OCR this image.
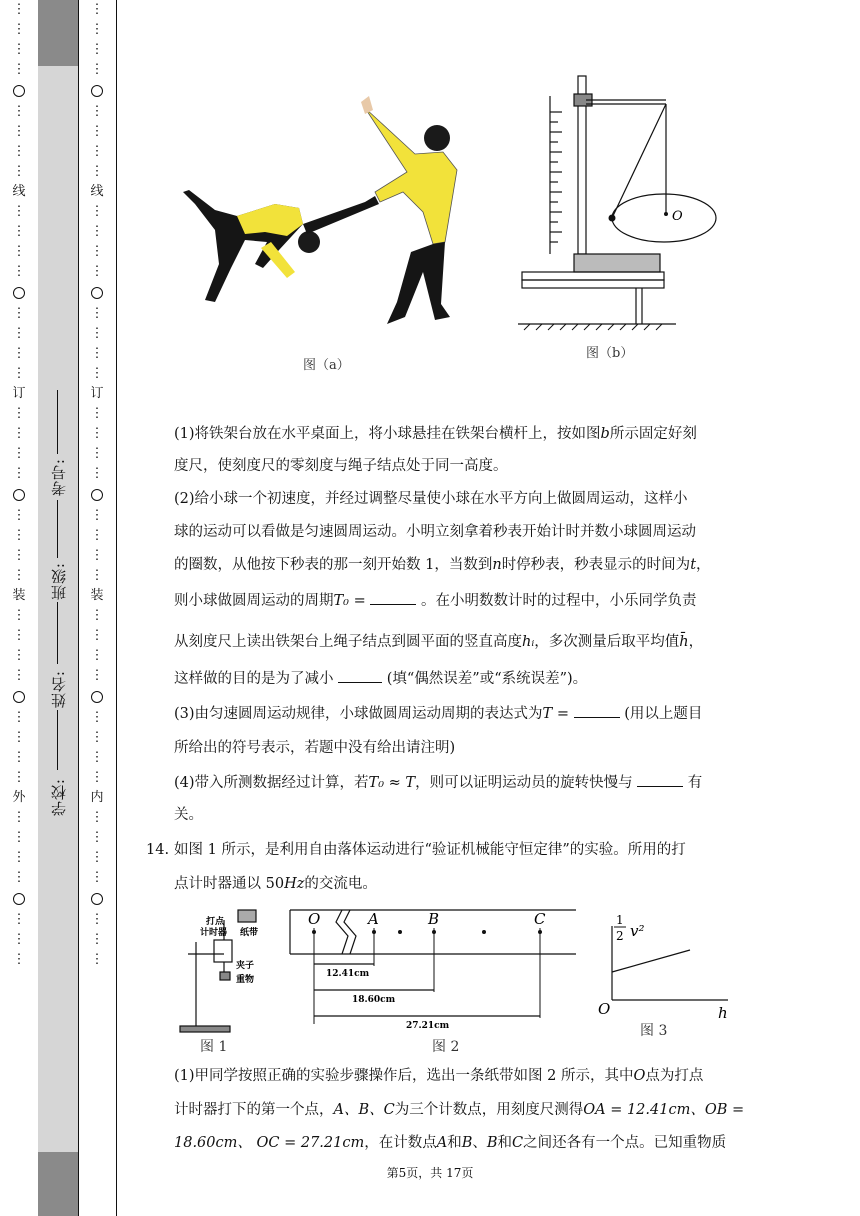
⋮
⋮
⋮
⋮
⋮
⋮
⋮
⋮
线
⋮
⋮
⋮
⋮
⋮
⋮
⋮
⋮
订
⋮
⋮
⋮
⋮
⋮
⋮
⋮
⋮
装
⋮
⋮
⋮
⋮
⋮
⋮
⋮
⋮
外
⋮
⋮
⋮
⋮
⋮
⋮
⋮
学校:
姓名:
班级:
考号:
⋮
⋮
⋮
⋮
⋮
⋮
⋮
⋮
线
⋮
⋮
⋮
⋮
⋮
⋮
⋮
⋮
订
⋮
⋮
⋮
⋮
⋮
⋮
⋮
⋮
装
⋮
⋮
⋮
⋮
⋮
⋮
⋮
⋮
内
⋮
⋮
⋮
⋮
⋮
⋮
⋮
图（a）
O
图（b）
(1)将铁架台放在水平桌面上，将小球悬挂在铁架台横杆上，按如图b所示固定好刻
度尺，使刻度尺的零刻度与绳子结点处于同一高度。
(2)给小球一个初速度，并经过调整尽量使小球在水平方向上做圆周运动，这样小
球的运动可以看做是匀速圆周运动。小明立刻拿着秒表开始计时并数小球圆周运动
的圈数，从他按下秒表的那一刻开始数 1，当数到n时停秒表，秒表显示的时间为t，
则小球做圆周运动的周期T₀ =	。在小明数数计时的过程中，小乐同学负责
从刻度尺上读出铁架台上绳子结点到圆平面的竖直高度hᵢ，多次测量后取平均值h̄，
这样做的目的是为了减小	(填“偶然误差”或“系统误差”)。
(3)由匀速圆周运动规律，小球做圆周运动周期的表达式为T =	(用以上题目
所给出的符号表示，若题中没有给出请注明)
(4)带入所测数据经过计算，若T₀ ≈ T，则可以证明运动员的旋转快慢与	有
关。
14. 如图 1 所示，是利用自由落体运动进行“验证机械能守恒定律”的实验。所用的打
点计时器通以 50Hz的交流电。
打点
计时器 纸带
夹子
重物
图 1
O	A	B	C
12.41cm
18.60cm
27.21cm
图 2
1
2 v²
O	h
图 3
(1)甲同学按照正确的实验步骤操作后，选出一条纸带如图 2 所示，其中O点为打点
计时器打下的第一个点，A、B、C为三个计数点，用刻度尺测得OA = 12.41cm、OB =
18.60cm、 OC = 27.21cm，在计数点A和B、B和C之间还各有一个点。已知重物质
第5页，共 17页
